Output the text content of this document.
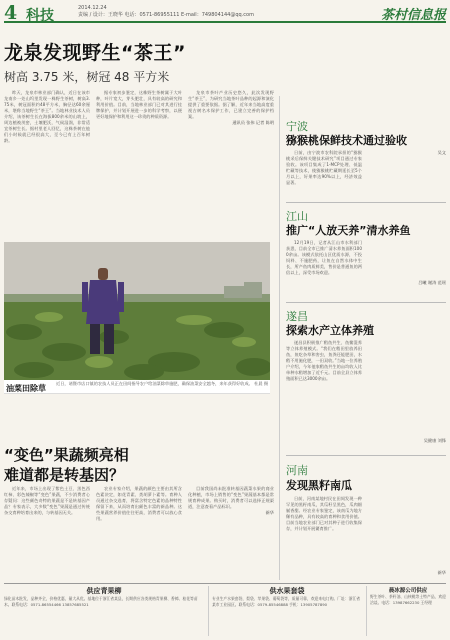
4 科技	2014.12.24
责编 / 设计：王晓华 电话：0571-86955111 E-mail：749804144@qq.com	茶村信息报
龙泉发现野生“茶王”
树高 3.75 米，树冠 48 平方米

昨天，龙泉市林业部门确认，近日在该市龙南乡一处山坞里发现一株野生茶树，树高3.75米，树冠面积约48平方米，胸径达60余厘米，堪称当地野生“茶王”。当地林业技术人员介绍，该茶树生长在海拔800余米的山坡上，周边植被茂密，土壤肥沃，气候湿润，非常适宜茶树生长。据村里老人回忆，这株茶树在他们小时候就已经很高大，至今已有上百年树龄。

据专家初步鉴定，这株野生茶树属于大叶种，叶片宽大，芽头肥壮，具有较高的研究和利用价值。目前，当地林业部门已对其进行挂牌保护，并计划开展进一步的科学考察，以便更好地保护和利用这一珍贵的种质资源。

龙泉市茶叶产业历史悠久，此次发现野生“茶王”，为研究当地茶叶品种的起源和演化提供了重要依据。据了解，近年来当地高度重视古树名木保护工作，已建立完善的保护档案。

通讯员 张伟 记者 陈明
油菜田除草
近日，诸暨市店口镇的农技人员正在田间指导农户给油菜除草施肥，确保油菜安全越冬，来年获得好收成。 杜晨 摄
“变色”果蔬频亮相
难道都是转基因？

近年来，市场上出现了紫色土豆、黑色西红柿、彩色辣椒等“变色”果蔬，不少消费者心存疑问：这些颜色奇特的果蔬是不是转基因产品？专家表示，大多数“变色”果蔬是通过传统杂交育种培育出来的，与转基因无关。

农业专家介绍，果蔬的颜色主要由其所含色素决定，如花青素、类胡萝卜素等。育种人员通过杂交选育，将富含特定色素的品种特性保留下来，从而培育出颜色丰富的新品种。这些果蔬营养价值往往更高，消费者可以放心食用。

目前我国尚未批准转基因蔬菜水果的商业化种植，市场上销售的“变色”果蔬基本都是常规育种成果。购买时，消费者可以选择正规渠道，注意查看产品标识。

新华
宁波
猕猴桃保鲜技术通过验收

日前，由宁波市农科院承担的“猕猴桃采后保鲜关键技术研究”项目通过专家验收。该项目集成了1-MCP处理、低温贮藏等技术，使猕猴桃贮藏期延长至5个月以上，好果率达90%以上，经济效益显著。

吴文
江山
推广“人放天养”清水养鱼

12月19日，记者从江山市水利部门获悉，目前全市已推广清水养鱼面积1000余亩。该模式依托山区优质水源，不投饲料、不施肥药，让鱼在自然水体中生长，所产鱼肉质鲜美，售价是普通鱼的两倍以上，深受市场欢迎。

吕曦 谢涛 范瑶
遂昌
探索水产立体养殖

遂昌县积极推广稻鱼共生、鱼鳖混养等立体养殖模式。“我们在稻田里放养田鱼，鱼吃杂草和害虫，鱼粪还能肥田，水稻不用施化肥，一田双收。”当地一位养殖户介绍，今年他家稻鱼共生的亩均收入比单种水稻增加了近千元。目前全县立体养殖面积已达3000余亩。

吴健康 刘锋
河南
发现黑籽南瓜

日前，河南某地村民在田间发现一种罕见的黑籽南瓜，其瓜籽呈黑色，瓜肉细腻香甜。经农业专家鉴定，该南瓜为地方稀有品种，具有较高的育种和食用价值。目前当地农业部门已对其种子进行收集保存，并计划开展繁育推广。

新华
供应青果柳
绿化苗木批发，品种齐全，价格优惠，量大从优。基地位于浙江省某县，长期供应各类规格青果柳、香樟、桂花等苗木。联系电话：0571-86554466 13857685521
供水果套袋
专业生产水果套袋、梨袋、苹果袋、葡萄袋等，质量可靠，欢迎来电订购。厂址：浙江省某市工业园区。联系电话：0579-85546888 手机：13905787890
晨冰源公司供应
野生茶叶、茶籽油、山核桃等土特产品，欢迎洽谈。电话：13987662230 王经理
